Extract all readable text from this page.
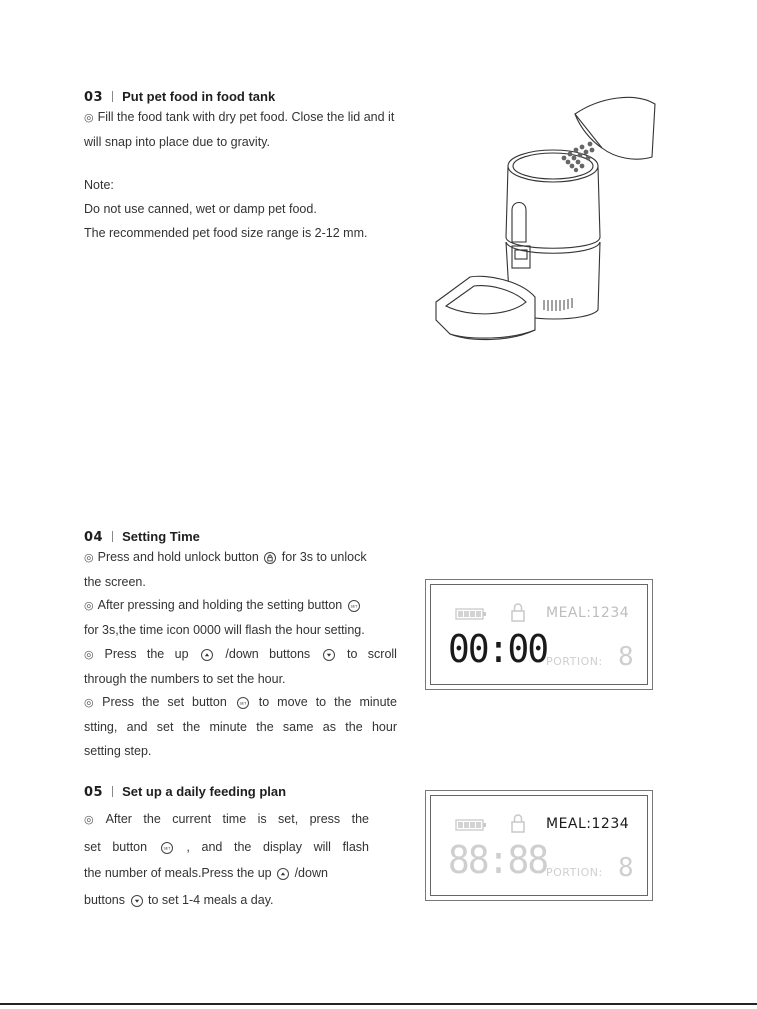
03 Put pet food in food tank
◎ Fill the food tank with dry pet food. Close the lid and it
will snap into place due to gravity.
Note:
Do not use canned, wet or damp pet food.
The recommended pet food size range is 2-12 mm.
04 Setting Time
◎ Press and hold unlock button for 3s to unlock
the screen.
◎ After pressing and holding the setting button SET
for 3s,the time icon 0000 will flash the hour setting.
◎ Press the up	/down buttons	to scroll
through the numbers to set the hour.
◎ Press the set button	SET to move to the minute
stting, and set the minute the same as the hour
setting step.
MEAL:1234
00:00
PORTION: 8
05 Set up a daily feeding plan
◎ After the current time is set, press the
set button	SET , and the display will flash
the number of meals.Press the up /down
buttons to set 1-4 meals a day.
MEAL:1234
88:88
PORTION: 8
